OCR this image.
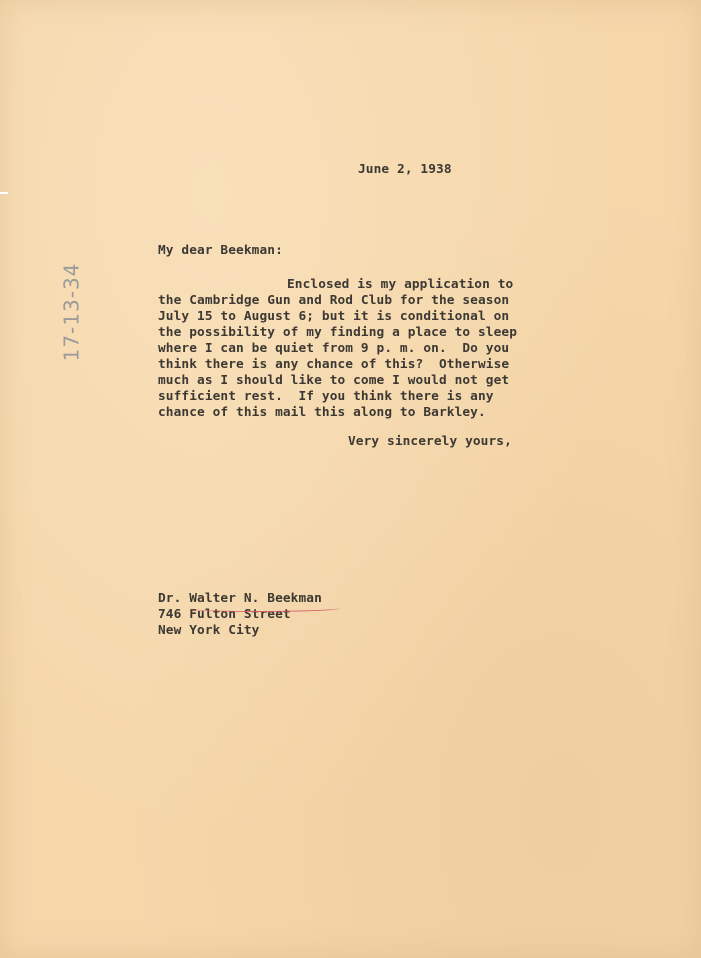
17-13-34
June 2, 1938
My dear Beekman:
Enclosed is my application to
the Cambridge Gun and Rod Club for the season
July 15 to August 6; but it is conditional on
the possibility of my finding a place to sleep
where I can be quiet from 9 p. m. on.  Do you
think there is any chance of this?  Otherwise
much as I should like to come I would not get
sufficient rest.  If you think there is any
chance of this mail this along to Barkley.
Very sincerely yours,
Dr. Walter N. Beekman
746 Fulton Street
New York City
